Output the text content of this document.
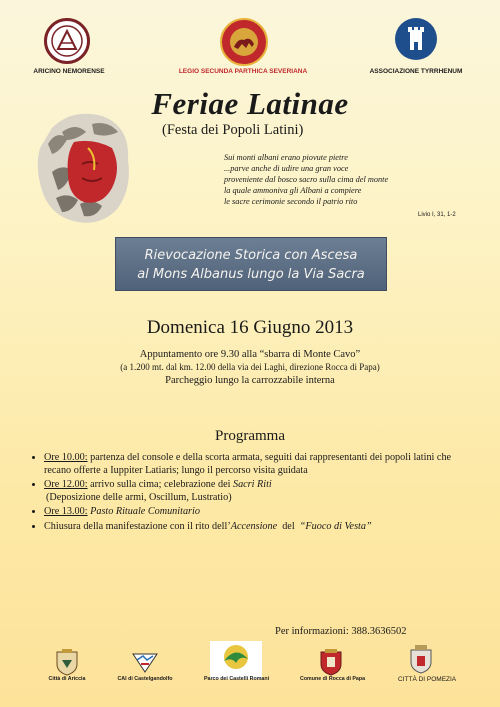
ARICINO NEMORENSE	LEGIO SECUNDA PARTHICA SEVERIANA	ASSOCIAZIONE TYRRHENUM
Feriae Latinae
(Festa dei Popoli Latini)
Sui monti albani erano piovute pietre
...parve anche di udire una gran voce
proveniente dal bosco sacro sulla cima del monte
la quale ammoniva gli Albani a compiere
le sacre cerimonie secondo il patrio rito
Livio I, 31, 1-2
Rievocazione Storica con Ascesa
al Mons Albanus lungo la Via Sacra
Domenica 16 Giugno 2013
Appuntamento ore 9.30 alla “sbarra di Monte Cavo”
(a 1.200 mt. dal km. 12.00 della via dei Laghi, direzione Rocca di Papa)
Parcheggio lungo la carrozzabile interna
Programma
• Ore 10.00: partenza del console e della scorta armata, seguiti dai rappresentanti dei popoli latini che recano offerte a Iuppiter Latiaris; lungo il percorso visita guidata
• Ore 12.00: arrivo sulla cima; celebrazione dei Sacri Riti
(Deposizione delle armi, Oscillum, Lustratio)
• Ore 13.00: Pasto Rituale Comunitario
• Chiusura della manifestazione con il rito dell’Accensione  del  “Fuoco di Vesta”
Per informazioni: 388.3636502
Città di Ariccia	CAI di Castelgandolfo	Parco dei Castelli Romani	Comune di Rocca di Papa	CITTÀ DI POMEZIA
